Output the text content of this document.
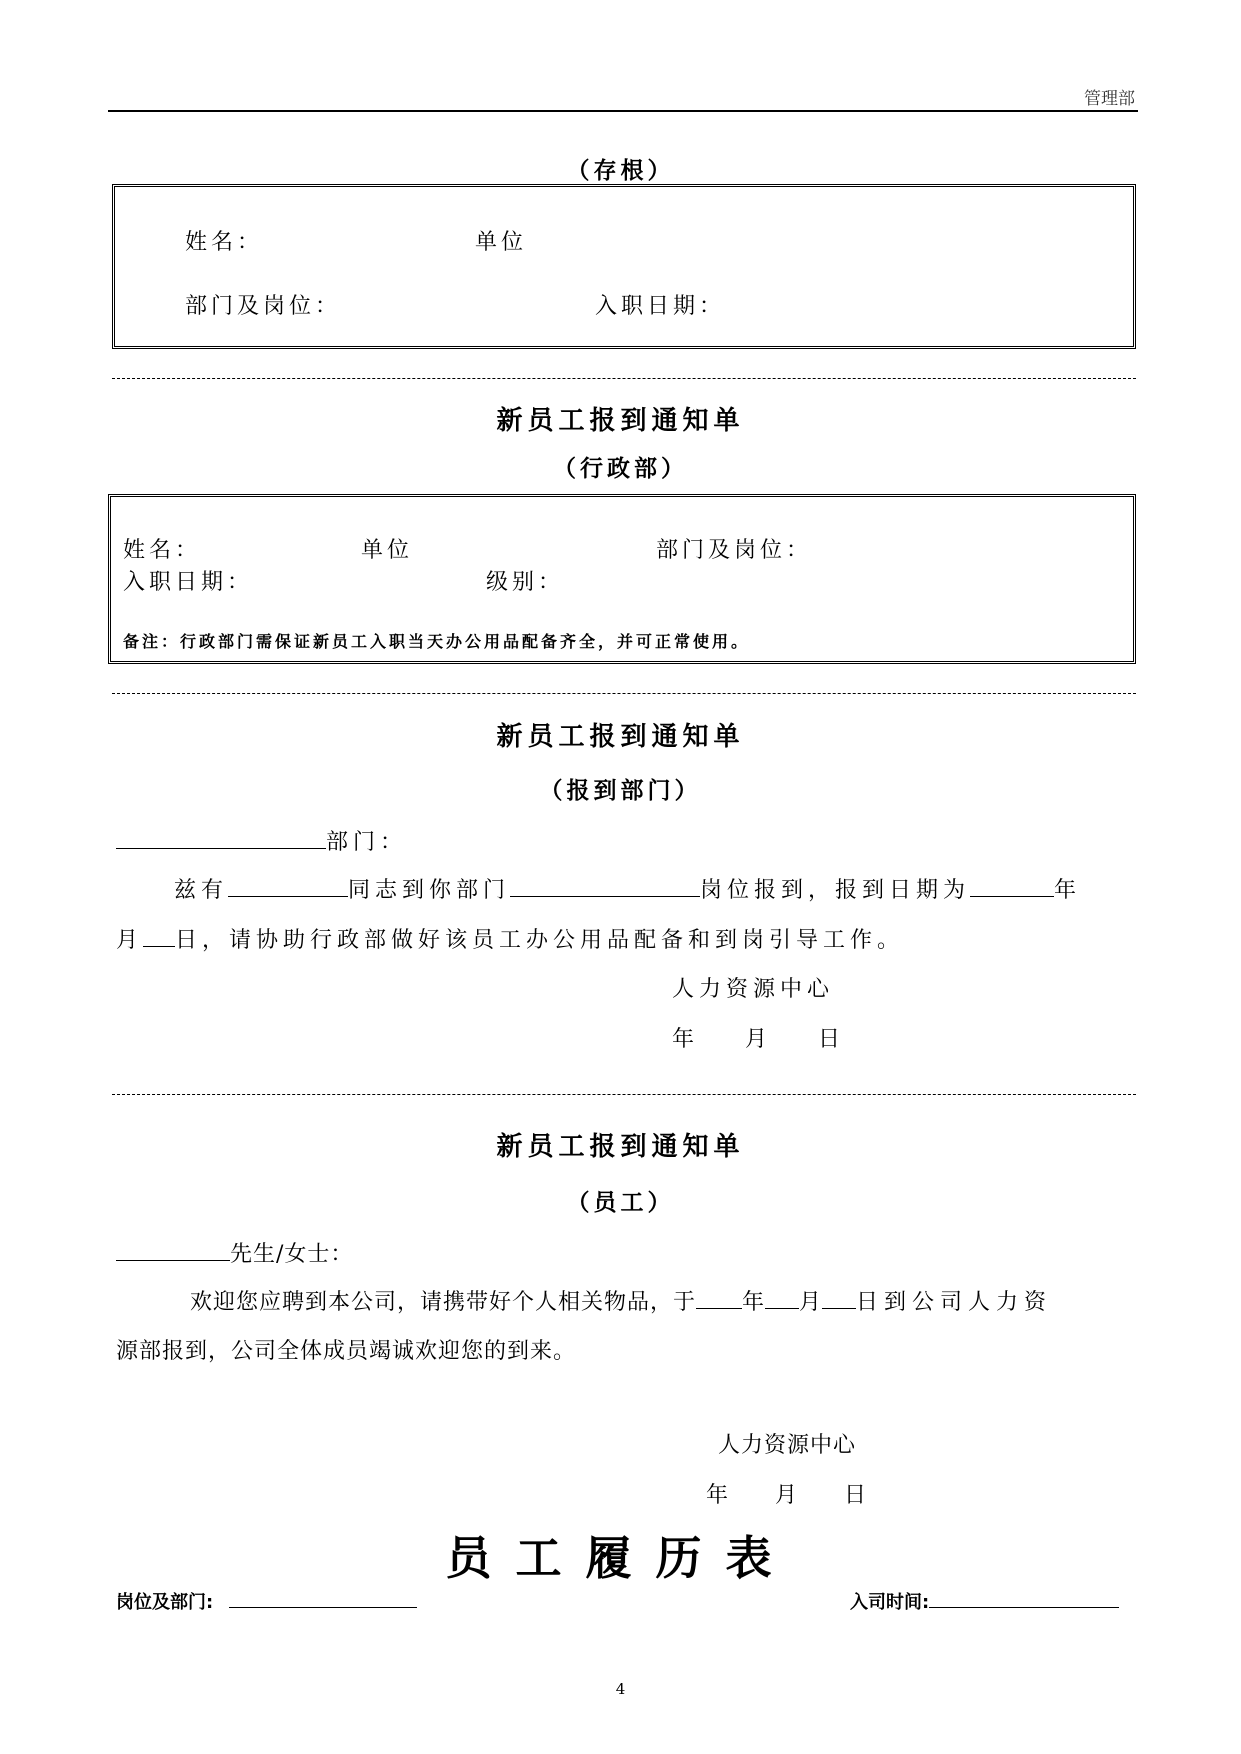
管理部
（存根）
姓名：	单位
部门及岗位：	入职日期：
新员工报到通知单
（行政部）
姓名：	单位	部门及岗位：
入职日期：	级别：
备注：行政部门需保证新员工入职当天办公用品配备齐全，并可正常使用。
新员工报到通知单
（报到部门）
部门：
兹有	同志到你部门	岗位报到，报到日期为	年
月 日，请协助行政部做好该员工办公用品配备和到岗引导工作。
人力资源中心
年 月 日
新员工报到通知单
（员工）
先生/女士：
欢迎您应聘到本公司，请携带好个人相关物品，于 年 月 日到公司人力资
源部报到，公司全体成员竭诚欢迎您的到来。
人力资源中心
年 月 日
员工履历表
岗位及部门:	入司时间:
4
